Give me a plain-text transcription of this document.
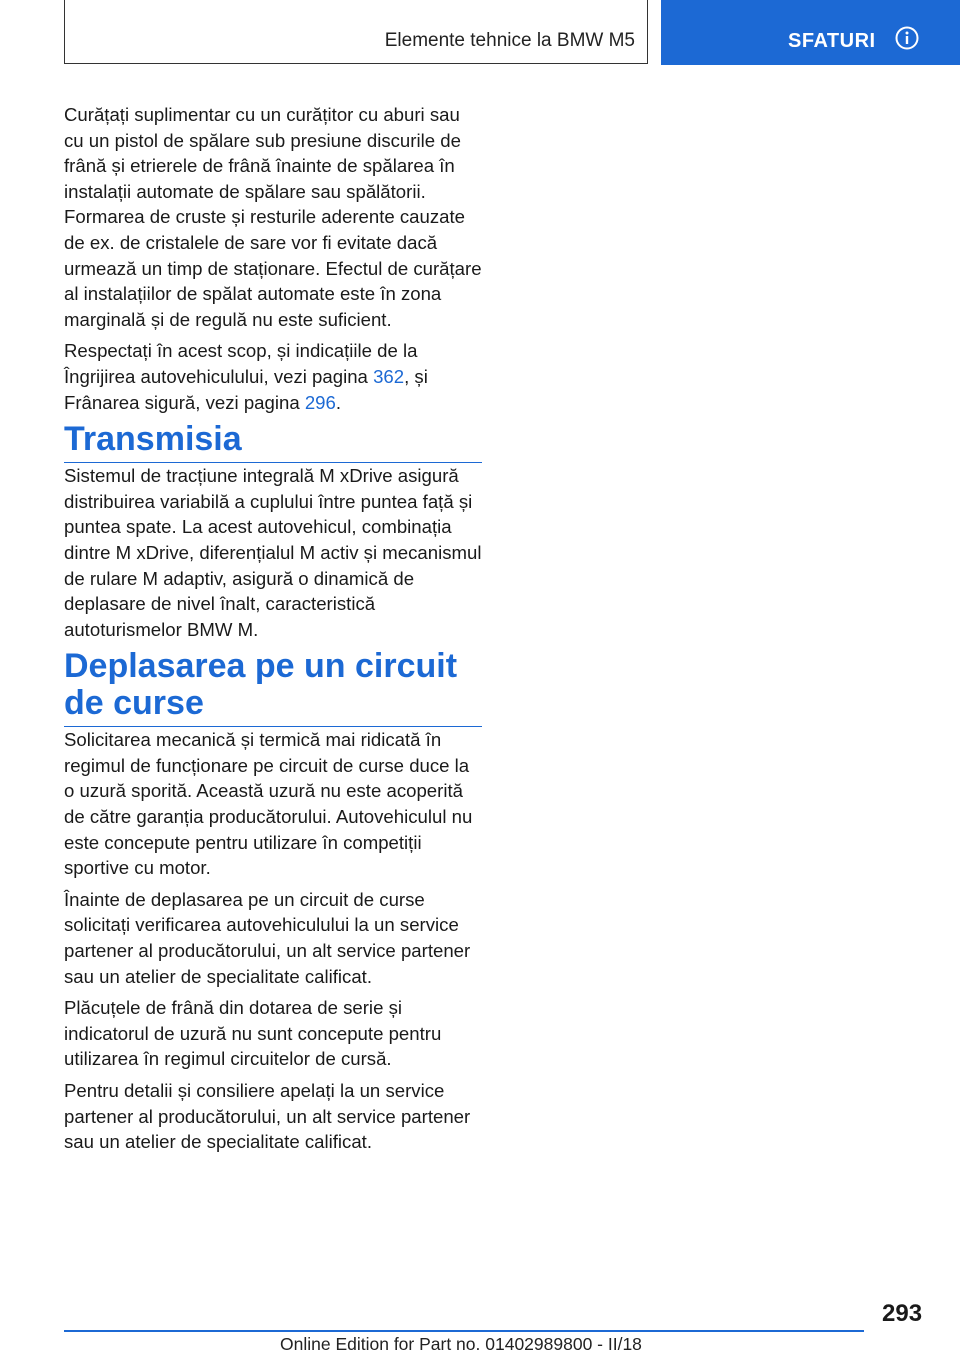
Elemente tehnice la BMW M5	SFATURI

Curățați suplimentar cu un curățitor cu aburi sau cu un pistol de spălare sub presiune discurile de frână și etrierele de frână înainte de spălarea în instalații automate de spălare sau spălătorii. Formarea de cruste și resturile aderente cauzate de ex. de cristalele de sare vor fi evitate dacă urmează un timp de staționare. Efectul de curățare al instalațiilor de spălat automate este în zona marginală și de regulă nu este suficient.

Respectați în acest scop, și indicațiile de la Îngrijirea autovehiculului, vezi pagina 362, și Frânarea sigură, vezi pagina 296.

Transmisia

Sistemul de tracțiune integrală M xDrive asigură distribuirea variabilă a cuplului între puntea față și puntea spate. La acest autovehicul, combinația dintre M xDrive, diferențialul M activ și mecanismul de rulare M adaptiv, asigură o dinamică de deplasare de nivel înalt, caracteristică autoturismelor BMW M.

Deplasarea pe un circuit de curse

Solicitarea mecanică și termică mai ridicată în regimul de funcționare pe circuit de curse duce la o uzură sporită. Această uzură nu este acoperită de către garanția producătorului. Autovehiculul nu este concepute pentru utilizare în competiții sportive cu motor.

Înainte de deplasarea pe un circuit de curse solicitați verificarea autovehiculului la un service partener al producătorului, un alt service partener sau un atelier de specialitate calificat.

Plăcuțele de frână din dotarea de serie și indicatorul de uzură nu sunt concepute pentru utilizarea în regimul circuitelor de cursă.

Pentru detalii și consiliere apelați la un service partener al producătorului, un alt service partener sau un atelier de specialitate calificat.

293
Online Edition for Part no. 01402989800 - II/18
